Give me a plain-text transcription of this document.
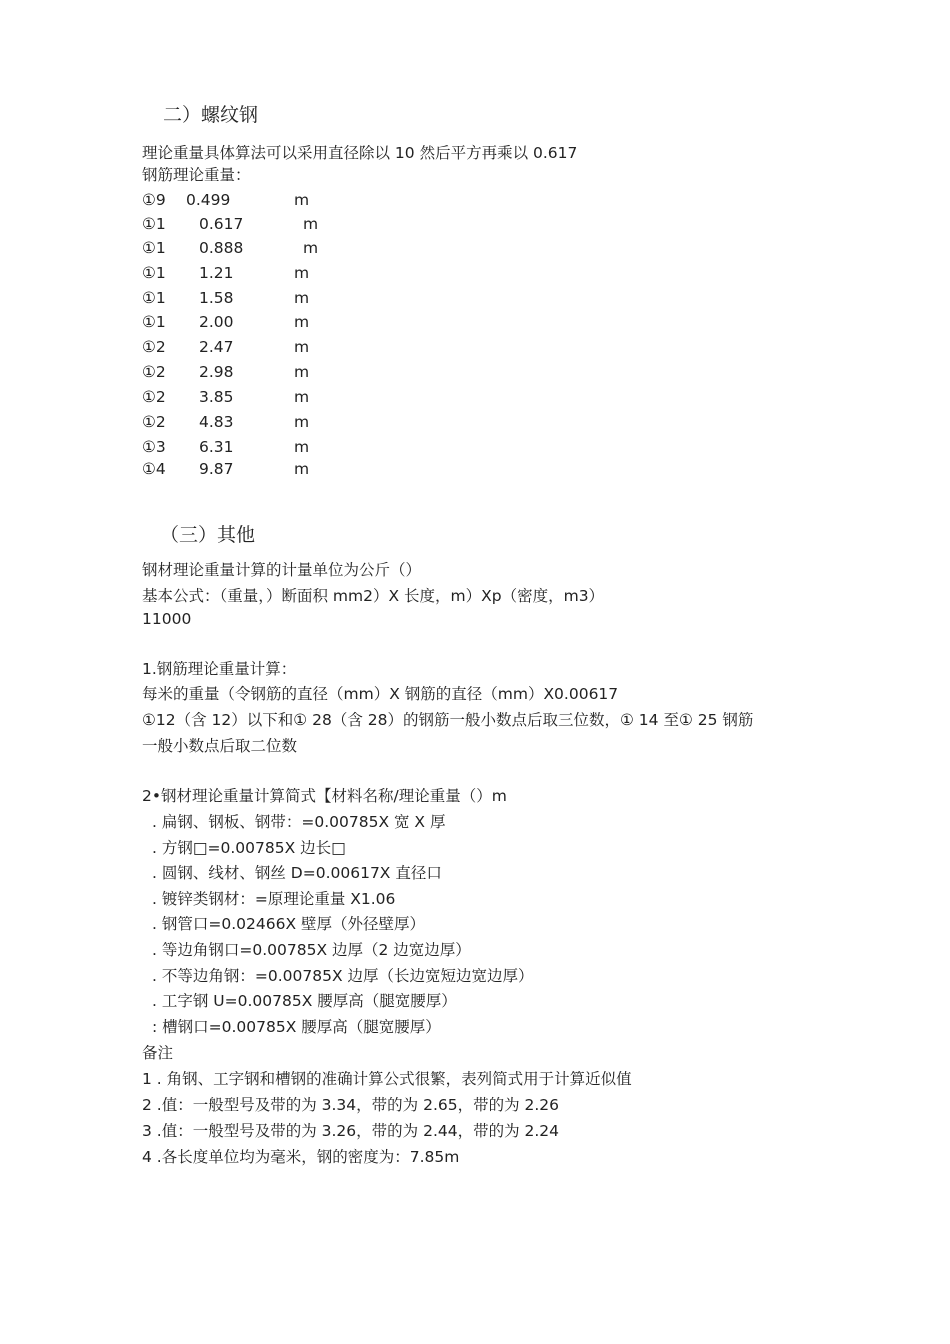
二）螺纹钢
理论重量具体算法可以采用直径除以 10 然后平方再乘以 0.617
钢筋理论重量：
①9 0.499	m
①1 0.617	m
①1 0.888	m
①1 1.21	m
①1 1.58	m
①1 2.00	m
①2 2.47	m
①2 2.98	m
①2 3.85	m
①2 4.83	m
①3 6.31	m
①4 9.87	m
（三）其他
钢材理论重量计算的计量单位为公斤（）
基本公式：（重量，）断面积 mm2）X 长度，m）Xp（密度，m3）
11000
1.钢筋理论重量计算：
每米的重量（令钢筋的直径（mm）X 钢筋的直径（mm）X0.00617
①12（含 12）以下和① 28（含 28）的钢筋一般小数点后取三位数，① 14 至① 25 钢筋
一般小数点后取二位数
2•钢材理论重量计算简式【材料名称/理论重量（）m
. 扁钢、钢板、钢带：=0.00785X 宽 X 厚
. 方钢□=0.00785X 边长□
. 圆钢、线材、钢丝 D=0.00617X 直径口
. 镀锌类钢材：=原理论重量 X1.06
. 钢管口=0.02466X 壁厚（外径壁厚）
. 等边角钢口=0.00785X 边厚（2 边宽边厚）
. 不等边角钢：=0.00785X 边厚（长边宽短边宽边厚）
. 工字钢 U=0.00785X 腰厚高（腿宽腰厚）
: 槽钢口=0.00785X 腰厚高（腿宽腰厚）
备注
1 . 角钢、工字钢和槽钢的准确计算公式很繁，表列简式用于计算近似值
2 .值：一般型号及带的为 3.34，带的为 2.65，带的为 2.26
3 .值：一般型号及带的为 3.26，带的为 2.44，带的为 2.24
4 .各长度单位均为毫米，钢的密度为：7.85m
